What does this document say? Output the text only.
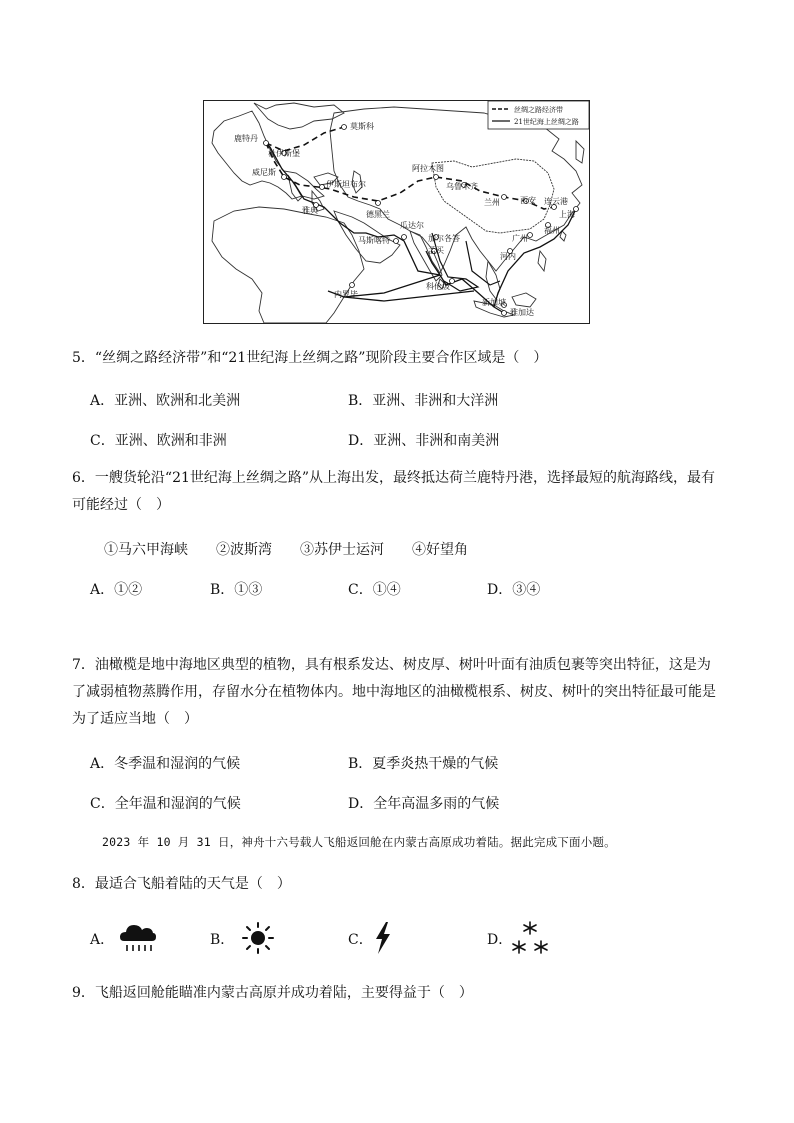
丝绸之路经济带
21世纪海上丝绸之路
鹿特丹
莫斯科
杜伊斯堡
威尼斯
伊斯坦布尔
雅典	德黑兰
阿拉木图
乌鲁木齐
兰州	西安 连云港
上海
福州
广州
河内
瓜达尔
加尔各答
马斯喀特
孟买
科伦坡
内罗毕
新加坡
雅加达
5．“丝绸之路经济带”和“21世纪海上丝绸之路”现阶段主要合作区域是（　）
A．亚洲、欧洲和北美洲	B．亚洲、非洲和大洋洲
C．亚洲、欧洲和非洲	D．亚洲、非洲和南美洲
6．一艘货轮沿“21世纪海上丝绸之路”从上海出发，最终抵达荷兰鹿特丹港，选择最短的航海路线，最有可能经过（　）
①马六甲海峡　　②波斯湾　　③苏伊士运河　　④好望角
A．①②	B．①③	C．①④	D．③④
7．油橄榄是地中海地区典型的植物，具有根系发达、树皮厚、树叶叶面有油质包裹等突出特征，这是为了减弱植物蒸腾作用，存留水分在植物体内。地中海地区的油橄榄根系、树皮、树叶的突出特征最可能是为了适应当地（　）
A．冬季温和湿润的气候	B．夏季炎热干燥的气候
C．全年温和湿润的气候	D．全年高温多雨的气候
2023 年 10 月 31 日，神舟十六号载人飞船返回舱在内蒙古高原成功着陆。据此完成下面小题。
8．最适合飞船着陆的天气是（　）
A．	B．	C．	D．
9．飞船返回舱能瞄准内蒙古高原并成功着陆，主要得益于（　）
